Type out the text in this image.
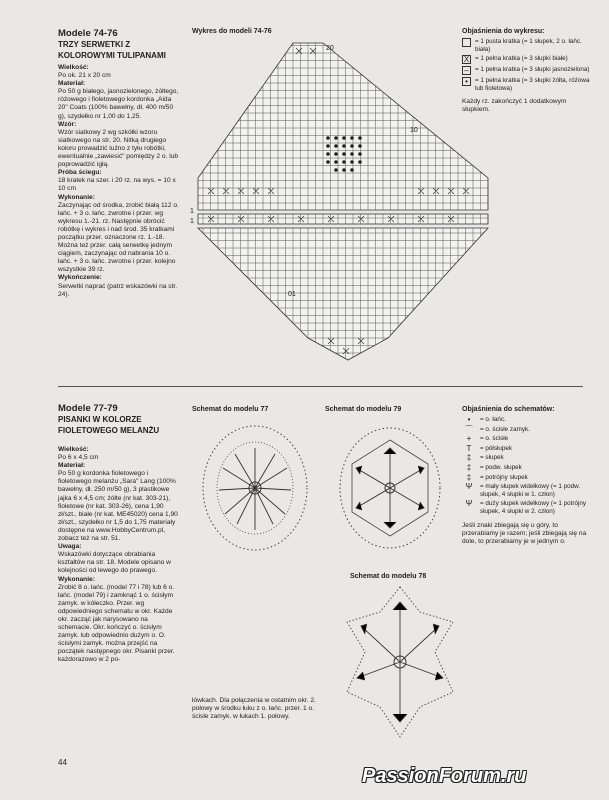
Modele 74-76
TRZY SERWETKI Z KOLOROWYMI TULIPANAMI

Wielkość:
Po ok. 21 x 20 cm

Materiał:
Po 50 g białego, jasnozielonego, żółtego, różowego i fioletowego kordonka „Aida 20" Coats (100% bawełny, dł. 400 m/50 g), szydełko nr 1,00 do 1,25.

Wzór:
Wzór siatkowy 2 wg szkółki wzoru siatkowego na str. 20. Nitką drugiego koloru prowadzić luźno z tyłu robótki, ewentualnie „zawiesić" pomiędzy 2 o. lub poprowadzić igłą.

Próba ściegu:
18 kratek na szer. i 20 rz. na wys. = 10 x 10 cm

Wykonanie:
Zaczynając od środka, zrobić białą 112 o. łańc. + 3 o. łańc. zwrotne i przer. wg wykresu 1.-21. rz. Następnie obrócić robótkę i wykres i nad środ. 35 kratkami początku przer. oznaczone rz. 1.-18. Można też przer. całą serwetkę jednym ciągiem, zaczynając od nabrania 10 o. łańc. + 3 o. łańc. zwrotne i przer. kolejno wszystkie 39 rz.

Wykończenie:
Serwetki naprać (patrz wskazówki na str. 24).

Wykres do modeli 74-76
20
10
1
1
01
Objaśnienia do wykresu:
= 1 pusta kratka (= 1 słupek, 2 o. łańc. biała)
X = 1 pełna kratka (= 3 słupki białe)
– = 1 pełna kratka (= 3 słupki jasnozielona)
•	= 1 pełna kratka (= 3 słupki żółta, różowa lub fioletowa)
Każdy rz. zakończyć 1 dodatkowym słupkiem.
Modele 77-79
PISANKI W KOLORZE FIOLETOWEGO MELANŻU

Wielkość:
Po 6 x 4,5 cm

Materiał:
Po 50 g kordonka fioletowego i fioletowego melanżu „Sara" Lang (100% bawełny, dł. 250 m/50 g), 3 plastikowe jajka 6 x 4,5 cm; żółte (nr kat. 303-21), fioletowe (nr kat. 303-26), cena 1,90 zł/szt., białe (nr kat. ME45020) cena 1,90 zł/szt., szydełko nr 1,5 do 1,75 materiały dostępne na www.HobbyCentrum.pl, zobacz też na str. 51.

Uwaga:
Wskazówki dotyczące obrabiania kształtów na str. 18. Modele opisano w kolejności od lewego do prawego.

Wykonanie:
Zrobić 8 o. łańc. (model 77 i 78) lub 6 o. łańc. (model 79) i zamknąć 1 o. ścisłym zamyk. w kółeczko. Przer. wg odpowiedniego schematu w okr. Każde okr. zacząć jak narysowano na schemacie. Okr. kończyć o. ścisłym zamyk. lub odpowiednio dużym o. O. ścisłymi zamyk. można przejść na początek następnego okr. Pisanki przer. każdorazowo w 2 po-

Schemat do modelu 77	Schemat do modelu 79
Schemat do modelu 78
łówkach. Dla połączenia w ostatnim okr. 2. połowy w środku łuku z o. łańc. przer. 1 o. ścisłe zamyk. w łukach 1. połowy.
Objaśnienia do schematów:
•	= o. łańc.
⌒	= o. ścisłe zamyk.
+	= o. ścisłe
T	= półsłupek
‡	= słupek
‡	= podw. słupek
‡	= potrójny słupek
Ψ	= mały słupek widełkowy (= 1 podw. słupek, 4 słupki w 1. człon)
Ψ	= duży słupek widełkowy (= 1 potrójny słupek, 4 słupki w 2. człon)
Jeśli znaki zbiegają się u góry, to przerabiamy je razem; jeśli zbiegają się na dole, to przerabiamy je w jednym o.
44
PassionForum.ru
